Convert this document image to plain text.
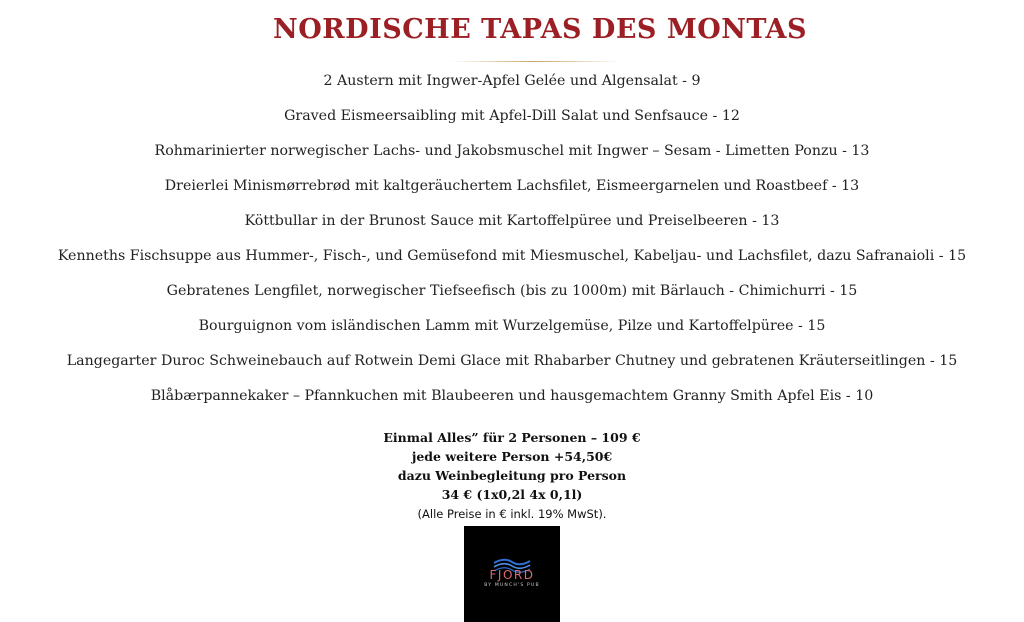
NORDISCHE TAPAS DES MONTAS
2 Austern mit Ingwer-Apfel Gelée und Algensalat - 9
Graved Eismeersaibling mit Apfel-Dill Salat und Senfsauce - 12
Rohmarinierter norwegischer Lachs- und Jakobsmuschel mit Ingwer – Sesam - Limetten Ponzu - 13
Dreierlei Minismørrebrød mit kaltgeräuchertem Lachsfilet, Eismeergarnelen und Roastbeef - 13
Köttbullar in der Brunost Sauce mit Kartoffelpüree und Preiselbeeren - 13
Kenneths Fischsuppe aus Hummer-, Fisch-, und Gemüsefond mit Miesmuschel, Kabeljau- und Lachsfilet, dazu Safranaioli - 15
Gebratenes Lengfilet, norwegischer Tiefseefisch (bis zu 1000m) mit Bärlauch - Chimichurri - 15
Bourguignon vom isländischen Lamm mit Wurzelgemüse, Pilze und Kartoffelpüree - 15
Langegarter Duroc Schweinebauch auf Rotwein Demi Glace mit Rhabarber Chutney und gebratenen Kräuterseitlingen - 15
Blåbærpannekaker – Pfannkuchen mit Blaubeeren und hausgemachtem Granny Smith Apfel Eis - 10
Einmal Alles” für 2 Personen – 109 €
jede weitere Person +54,50€
dazu Weinbegleitung pro Person
34 € (1x0,2l 4x 0,1l)
(Alle Preise in € inkl. 19% MwSt).
FJORD
BY MUNCH'S PUB
